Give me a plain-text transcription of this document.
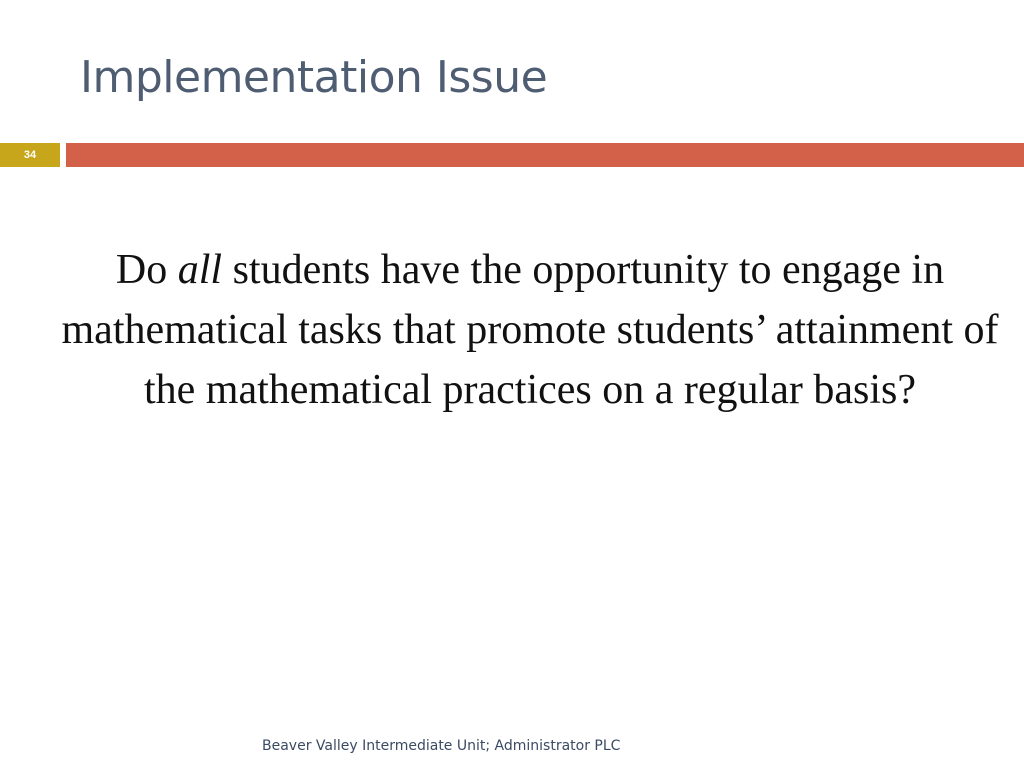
Implementation Issue
34
Do all students have the opportunity to engage in mathematical tasks that promote students’ attainment of the mathematical practices on a regular basis?
Beaver Valley Intermediate Unit; Administrator PLC
